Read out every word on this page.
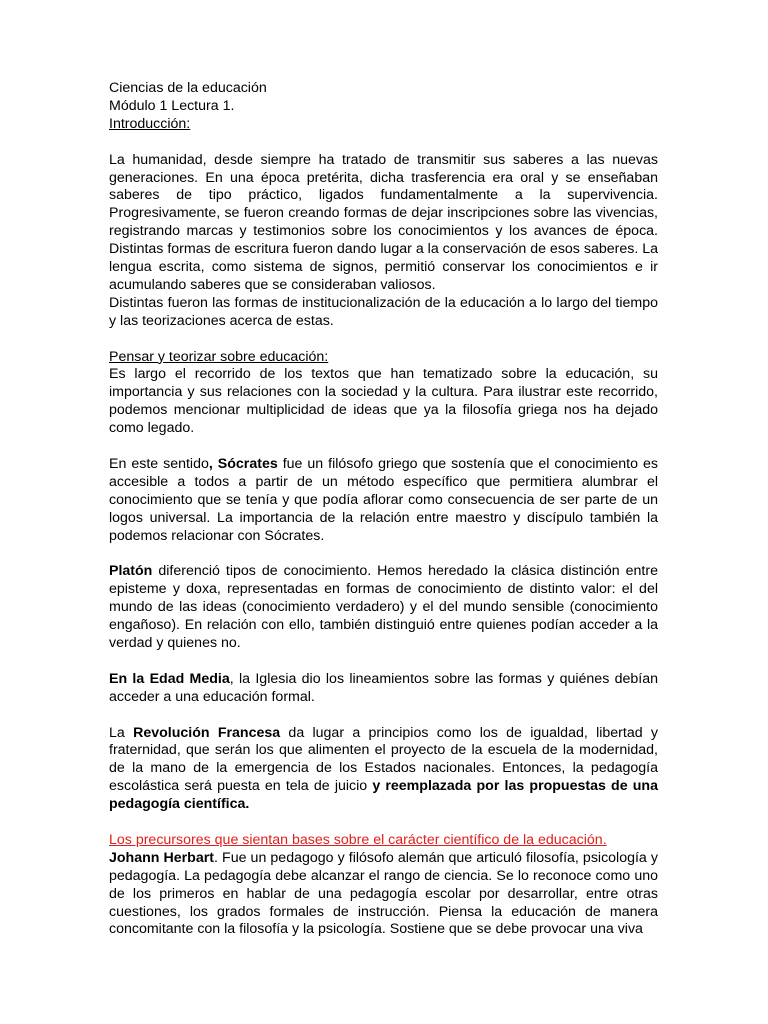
Ciencias de la educación
Módulo 1 Lectura 1.
Introducción:

La humanidad, desde siempre ha tratado de transmitir sus saberes a las nuevas generaciones. En una época pretérita, dicha trasferencia era oral y se enseñaban saberes de tipo práctico, ligados fundamentalmente a la supervivencia. Progresivamente, se fueron creando formas de dejar inscripciones sobre las vivencias, registrando marcas y testimonios sobre los conocimientos y los avances de época. Distintas formas de escritura fueron dando lugar a la conservación de esos saberes. La lengua escrita, como sistema de signos, permitió conservar los conocimientos e ir acumulando saberes que se consideraban valiosos.

Distintas fueron las formas de institucionalización de la educación a lo largo del tiempo y las teorizaciones acerca de estas.

Pensar y teorizar sobre educación:

Es largo el recorrido de los textos que han tematizado sobre la educación, su importancia y sus relaciones con la sociedad y la cultura. Para ilustrar este recorrido, podemos mencionar multiplicidad de ideas que ya la filosofía griega nos ha dejado como legado.

En este sentido, Sócrates fue un filósofo griego que sostenía que el conocimiento es accesible a todos a partir de un método específico que permitiera alumbrar el conocimiento que se tenía y que podía aflorar como consecuencia de ser parte de un logos universal. La importancia de la relación entre maestro y discípulo también la podemos relacionar con Sócrates.

Platón diferenció tipos de conocimiento. Hemos heredado la clásica distinción entre episteme y doxa, representadas en formas de conocimiento de distinto valor: el del mundo de las ideas (conocimiento verdadero) y el del mundo sensible (conocimiento engañoso). En relación con ello, también distinguió entre quienes podían acceder a la verdad y quienes no.

En la Edad Media, la Iglesia dio los lineamientos sobre las formas y quiénes debían acceder a una educación formal.

La Revolución Francesa da lugar a principios como los de igualdad, libertad y fraternidad, que serán los que alimenten el proyecto de la escuela de la modernidad, de la mano de la emergencia de los Estados nacionales. Entonces, la pedagogía escolástica será puesta en tela de juicio y reemplazada por las propuestas de una pedagogía científica.

Los precursores que sientan bases sobre el carácter científico de la educación.

Johann Herbart. Fue un pedagogo y filósofo alemán que articuló filosofía, psicología y pedagogía. La pedagogía debe alcanzar el rango de ciencia. Se lo reconoce como uno de los primeros en hablar de una pedagogía escolar por desarrollar, entre otras cuestiones, los grados formales de instrucción. Piensa la educación de manera concomitante con la filosofía y la psicología. Sostiene que se debe provocar una viva
